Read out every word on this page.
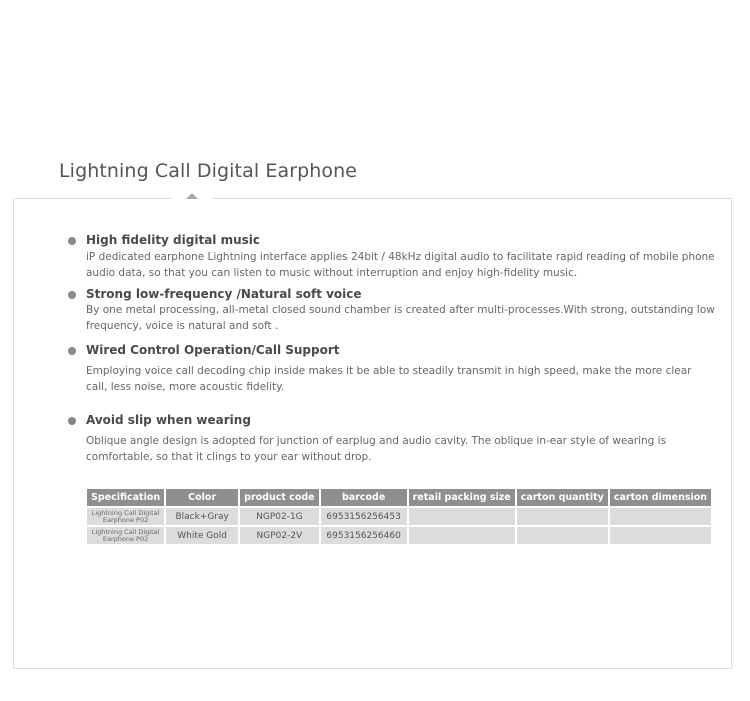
Lightning Call Digital Earphone
High fidelity digital music
iP dedicated earphone Lightning interface applies 24bit / 48kHz digital audio to facilitate rapid reading of mobile phone audio data, so that you can listen to music without interruption and enjoy high-fidelity music.
Strong low-frequency /Natural soft voice
By one metal processing, all-metal closed sound chamber is created after multi-processes.With strong, outstanding low frequency, voice is natural and soft .
Wired Control Operation/Call Support
Employing voice call decoding chip inside makes it be able to steadily transmit in high speed, make the more clear call, less noise, more acoustic fidelity.
Avoid slip when wearing
Oblique angle design is adopted for junction of earplug and audio cavity. The oblique in-ear style of wearing is comfortable, so that it clings to your ear without drop.
Specification	Color	product code	barcode	retail packing size	carton quantity	carton dimension
Lightning Call Digital Earphone P02	Black+Gray	NGP02-1G	6953156256453			
Lightning Call Digital Earphone P02	White Gold	NGP02-2V	6953156256460			
